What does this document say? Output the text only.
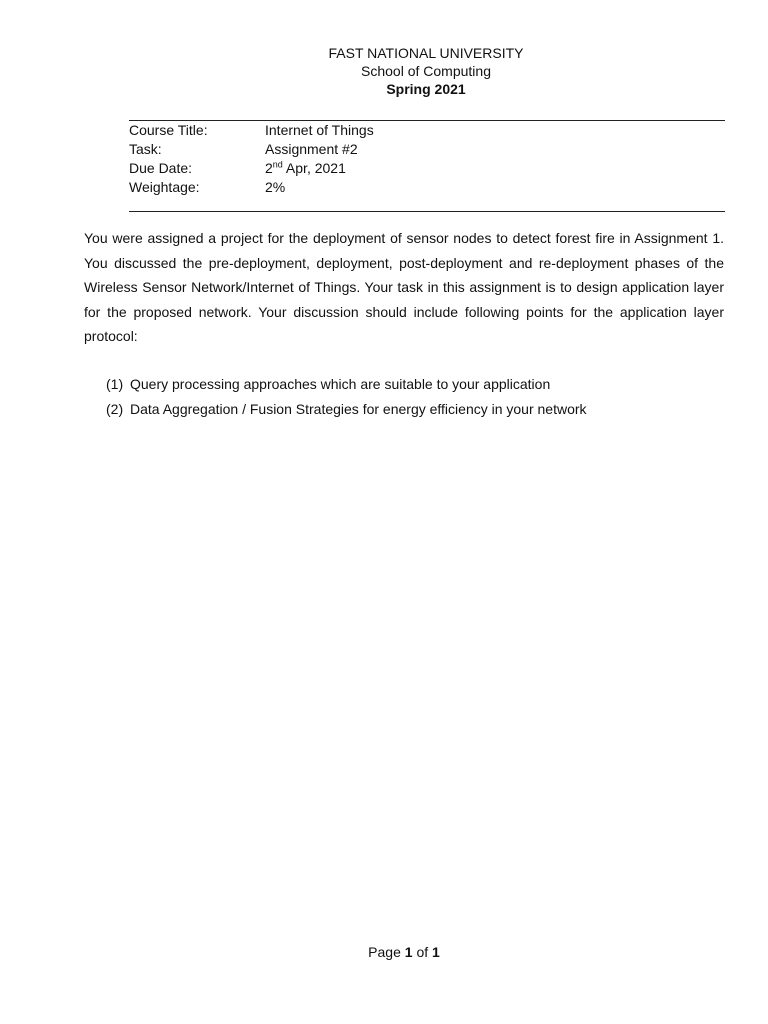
FAST NATIONAL UNIVERSITY
School of Computing
Spring 2021
Course Title:	Internet of Things
Task:	Assignment #2
Due Date:	2nd Apr, 2021
Weightage:	2%
You were assigned a project for the deployment of sensor nodes to detect forest fire in Assignment 1. You discussed the pre-deployment, deployment, post-deployment and re-deployment phases of the Wireless Sensor Network/Internet of Things. Your task in this assignment is to design application layer for the proposed network. Your discussion should include following points for the application layer protocol:
(1) Query processing approaches which are suitable to your application
(2) Data Aggregation / Fusion Strategies for energy efficiency in your network
Page 1 of 1
